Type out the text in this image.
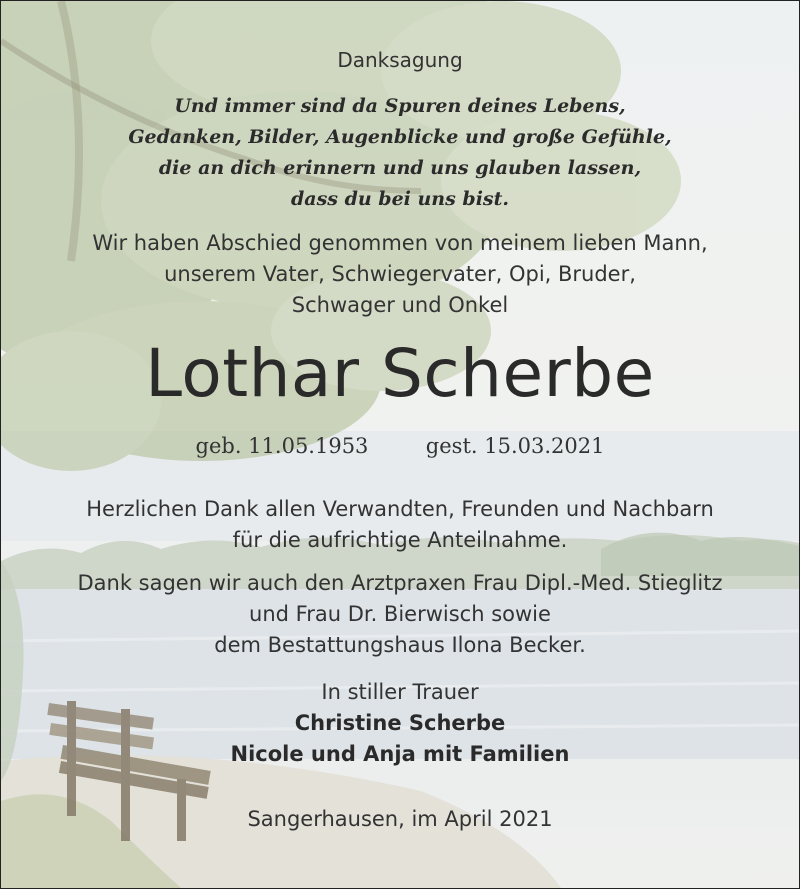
Danksagung
Und immer sind da Spuren deines Lebens,
Gedanken, Bilder, Augenblicke und große Gefühle,
die an dich erinnern und uns glauben lassen,
dass du bei uns bist.
Wir haben Abschied genommen von meinem lieben Mann,
unserem Vater, Schwiegervater, Opi, Bruder,
Schwager und Onkel
Lothar Scherbe
geb. 11.05.1953	gest. 15.03.2021
Herzlichen Dank allen Verwandten, Freunden und Nachbarn
für die aufrichtige Anteilnahme.
Dank sagen wir auch den Arztpraxen Frau Dipl.-Med. Stieglitz
und Frau Dr. Bierwisch sowie
dem Bestattungshaus Ilona Becker.
In stiller Trauer
Christine Scherbe
Nicole und Anja mit Familien
Sangerhausen, im April 2021
